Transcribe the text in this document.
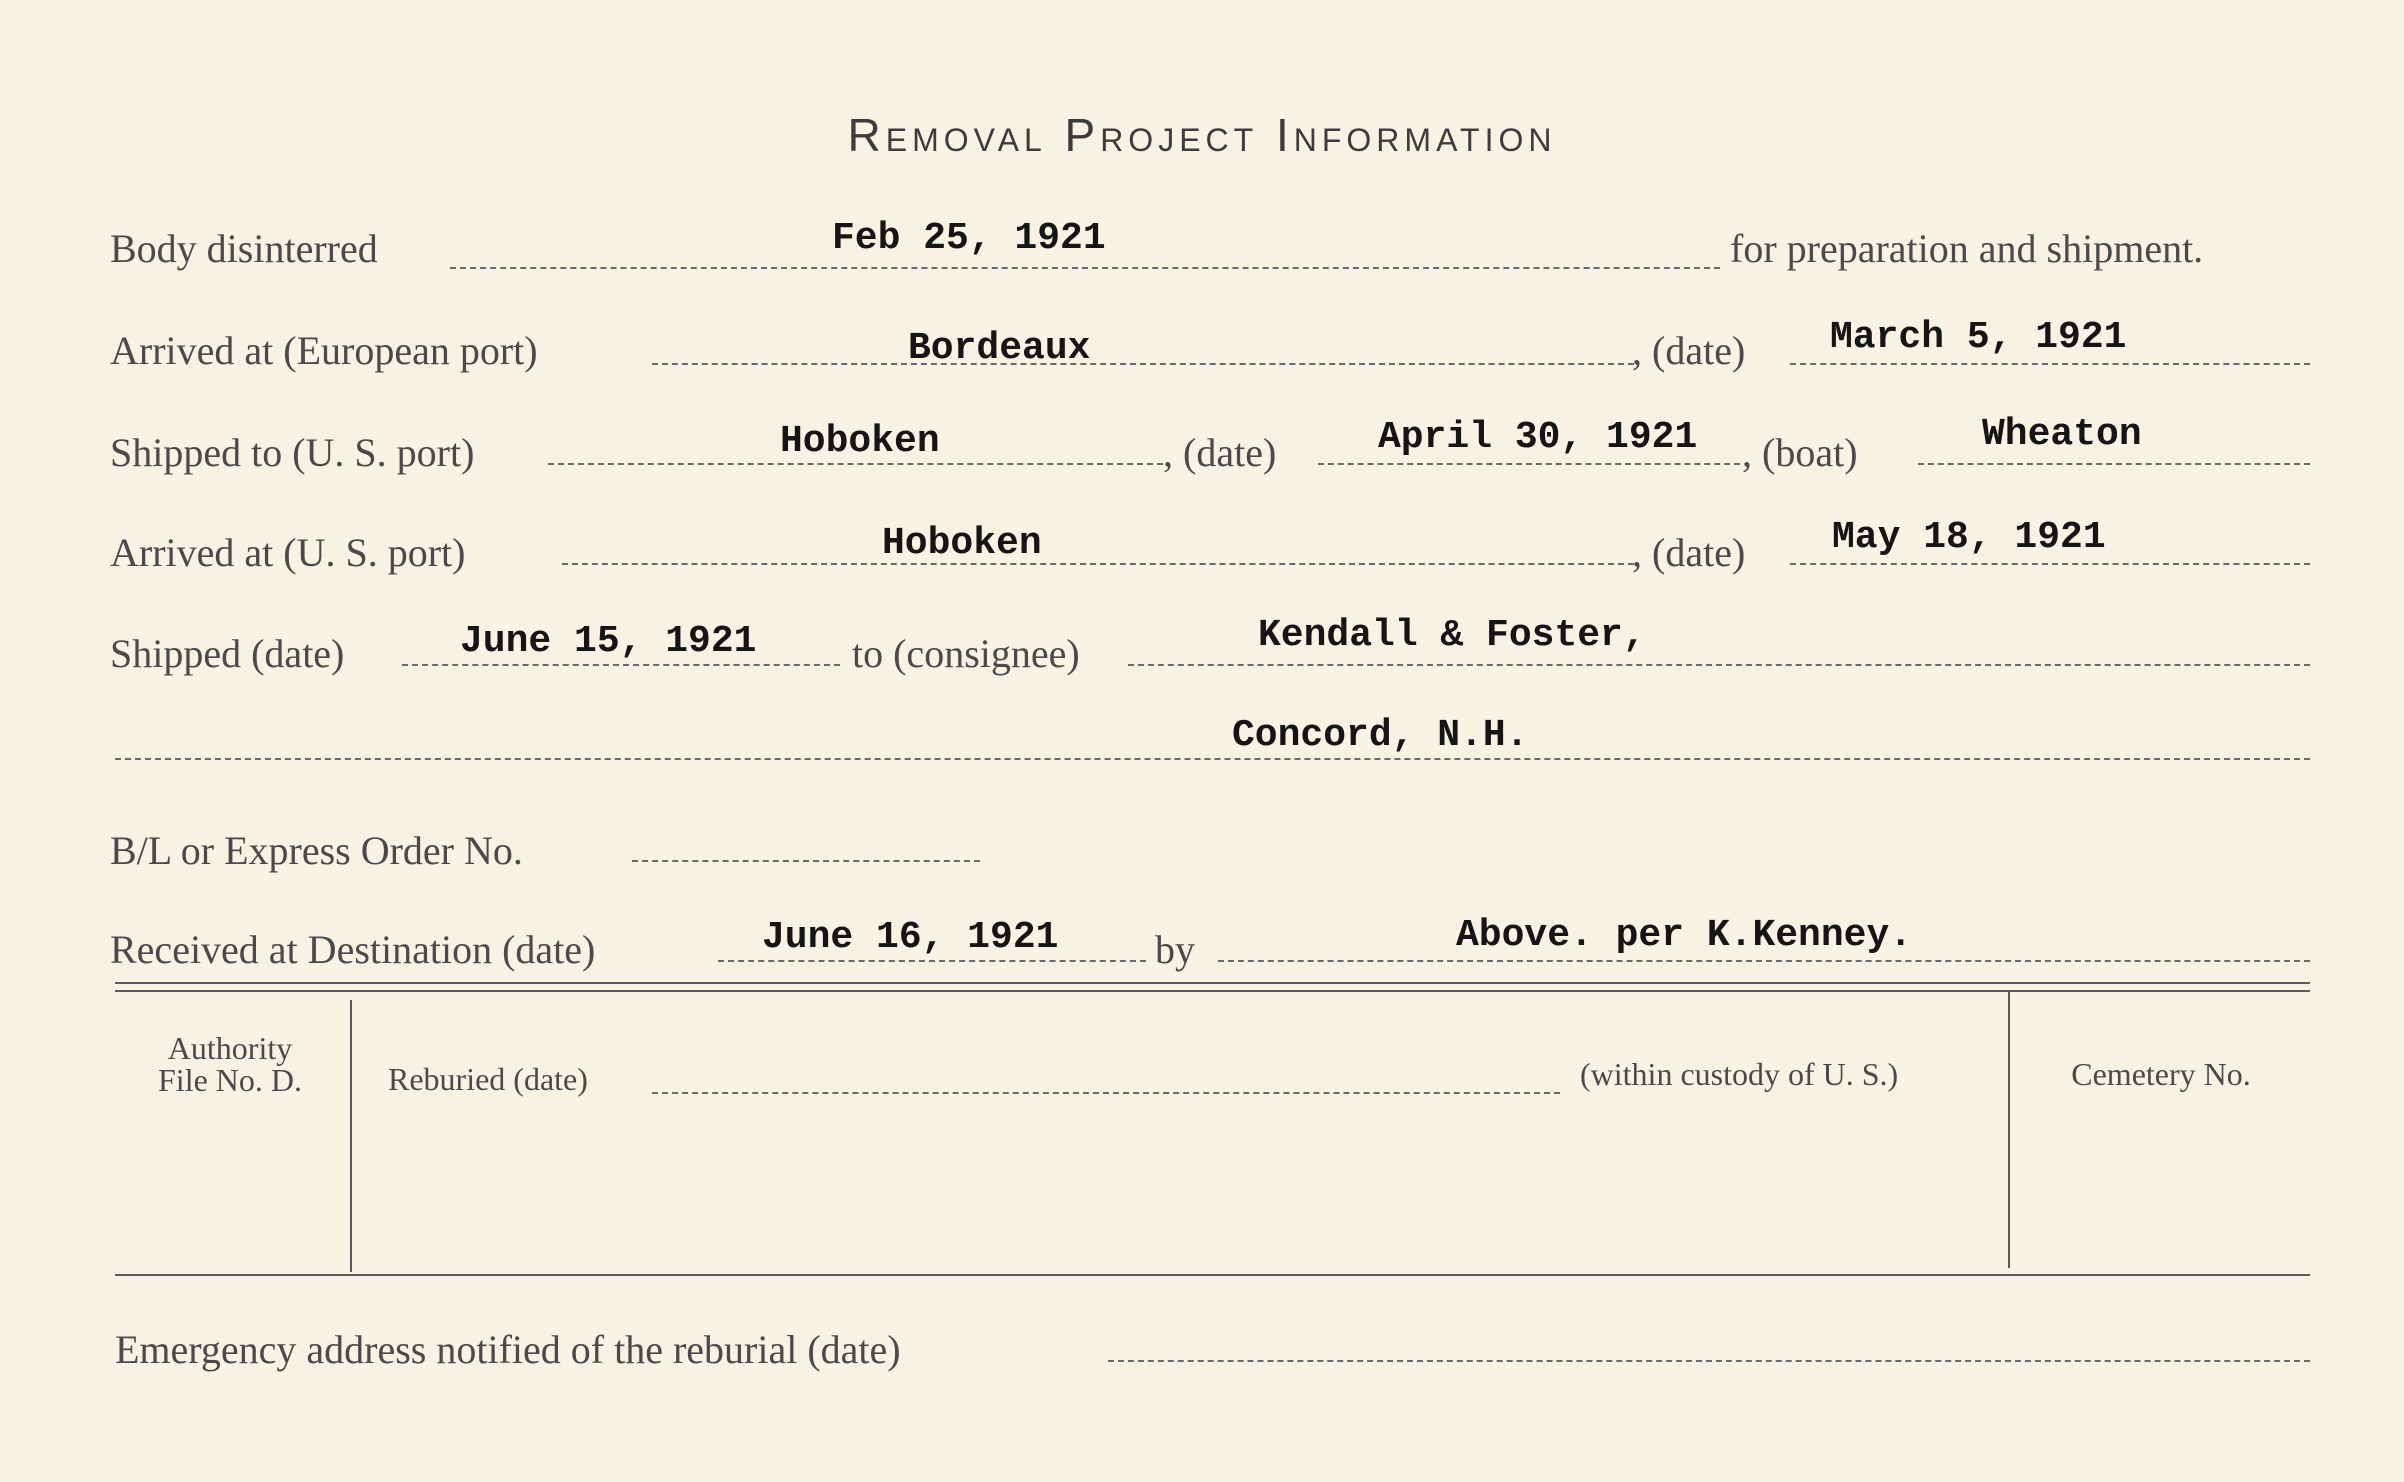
Removal Project Information
Body disinterred	Feb 25, 1921	for preparation and shipment.
Arrived at (European port)	Bordeaux	, (date) March 5, 1921
Shipped to (U. S. port)	Hoboken	, (date)	April 30, 1921 , (boat)	Wheaton
Arrived at (U. S. port)	Hoboken	, (date) May 18, 1921
Shipped (date)	June 15, 1921 to (consignee)	Kendall & Foster,
Concord, N.H.
B/L or Express Order No.
Received at Destination (date)	June 16, 1921 by	Above. per K.Kenney.
Authority
File No. D.	Reburied (date)	(within custody of U. S.)	Cemetery No.
Emergency address notified of the reburial (date)
